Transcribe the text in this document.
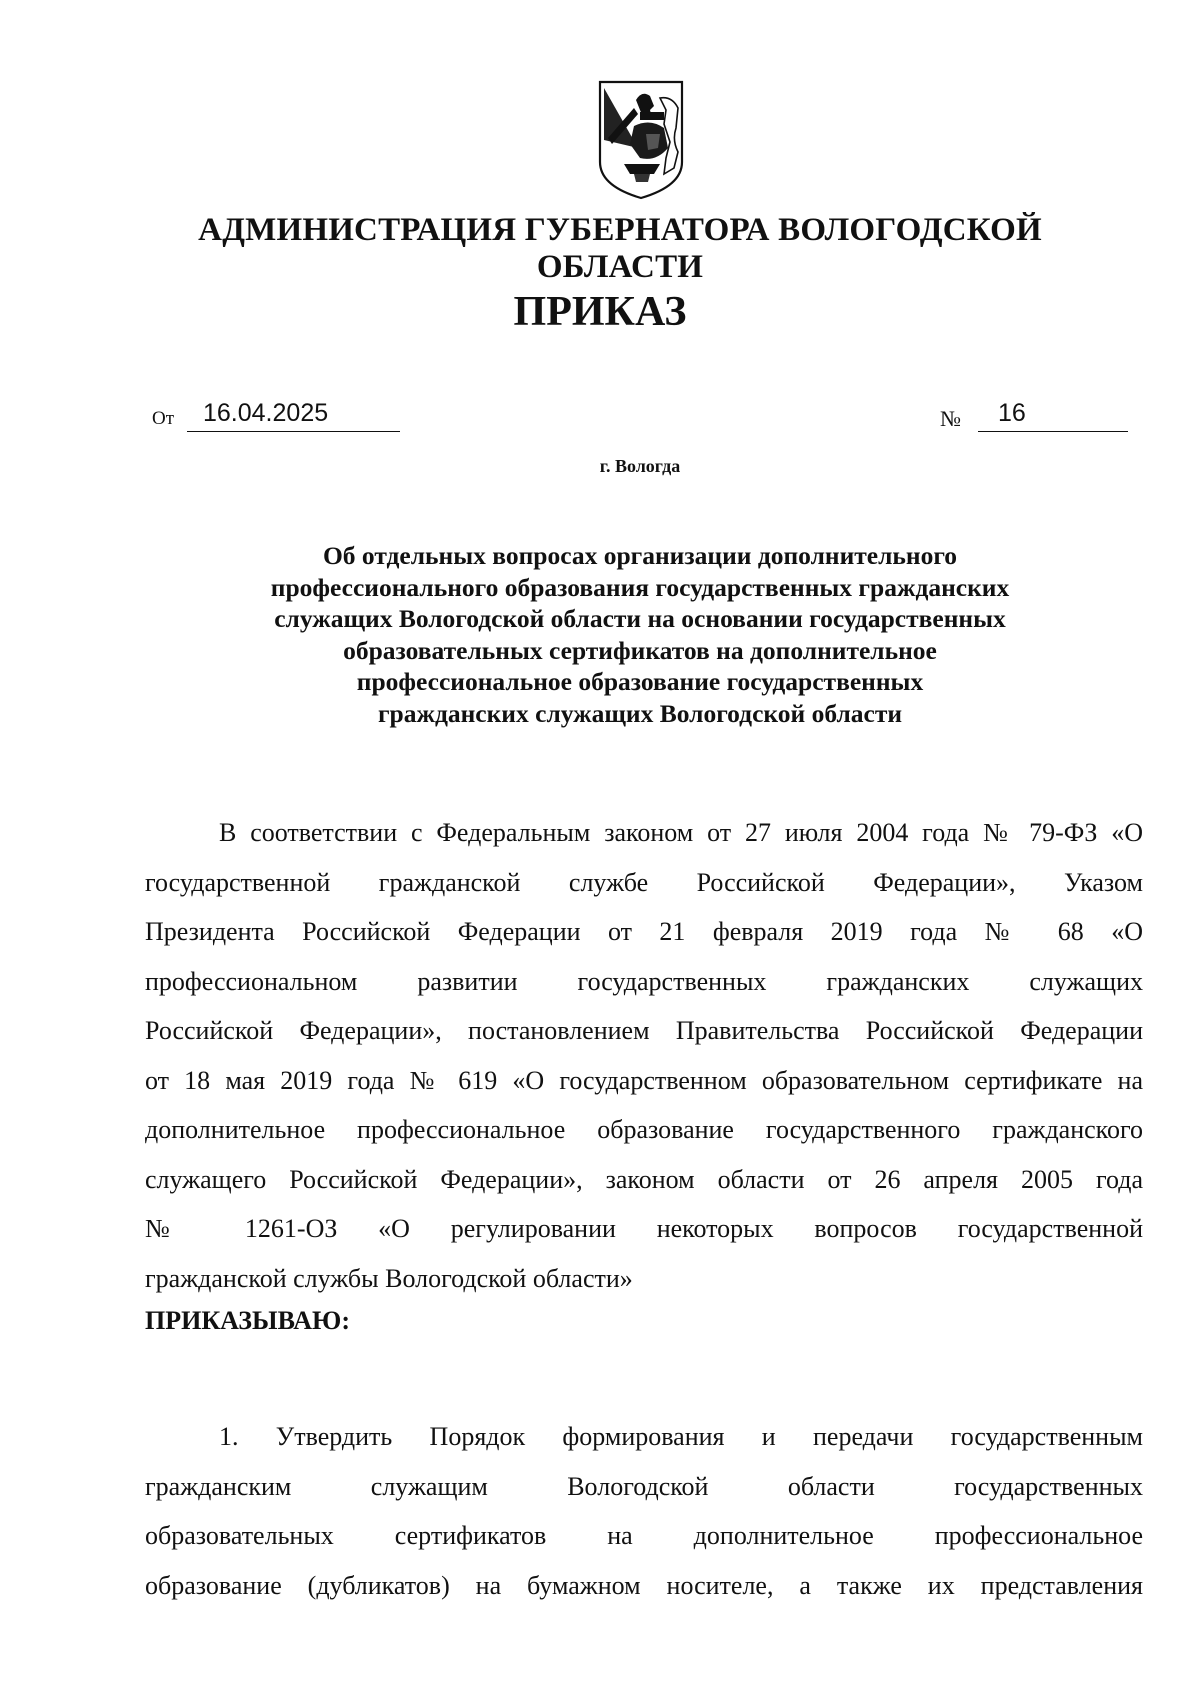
АДМИНИСТРАЦИЯ ГУБЕРНАТОРА ВОЛОГОДСКОЙ ОБЛАСТИ
ПРИКАЗ
От	16.04.2025	№	16
г. Вологда
Об отдельных вопросах организации дополнительного
профессионального образования государственных гражданских
служащих Вологодской области на основании государственных
образовательных сертификатов на дополнительное
профессиональное образование государственных
гражданских служащих Вологодской области
В соответствии с Федеральным законом от 27 июля 2004 года № 79-ФЗ «О
государственной гражданской службе Российской Федерации», Указом
Президента Российской Федерации от 21 февраля 2019 года № 68 «О
профессиональном развитии государственных гражданских служащих
Российской Федерации», постановлением Правительства Российской Федерации
от 18 мая 2019 года № 619 «О государственном образовательном сертификате на
дополнительное профессиональное образование государственного гражданского
служащего Российской Федерации», законом области от 26 апреля 2005 года
№ 1261-ОЗ «О регулировании некоторых вопросов государственной
гражданской службы Вологодской области»
ПРИКАЗЫВАЮ:
1. Утвердить Порядок формирования и передачи государственным
гражданским служащим Вологодской области государственных
образовательных сертификатов на дополнительное профессиональное
образование (дубликатов) на бумажном носителе, а также их представления
